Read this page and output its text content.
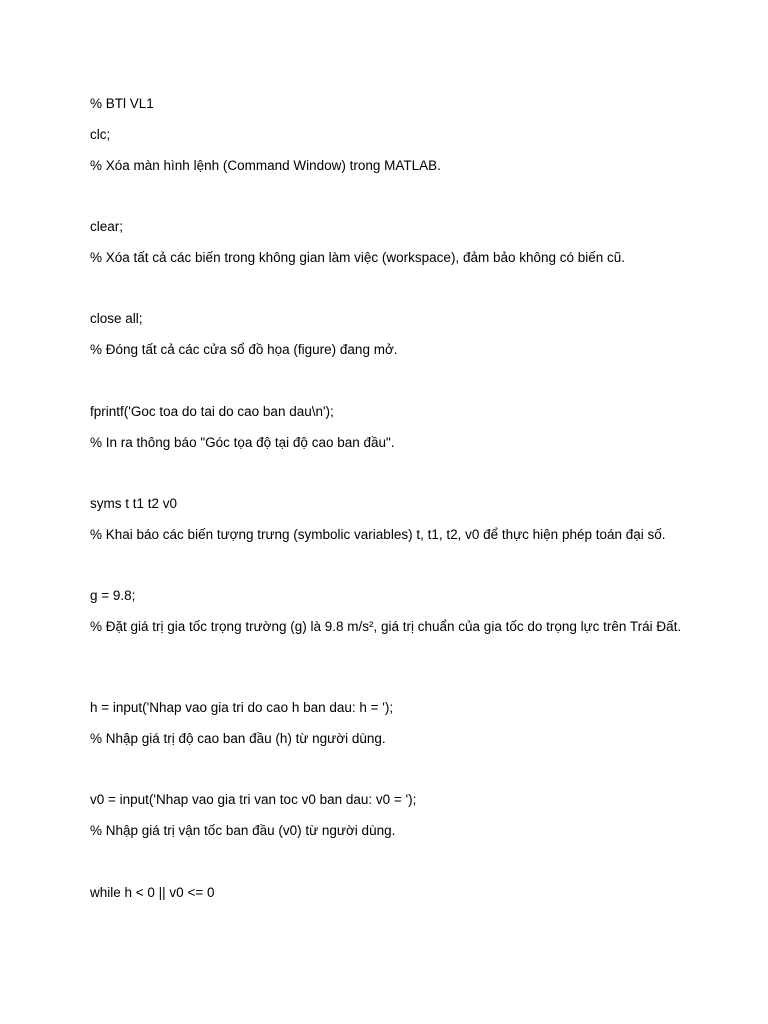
% BTl VL1

clc;

% Xóa màn hình lệnh (Command Window) trong MATLAB.

clear;

% Xóa tất cả các biến trong không gian làm việc (workspace), đảm bảo không có biến cũ.

close all;

% Đóng tất cả các cửa sổ đồ họa (figure) đang mở.

fprintf('Goc toa do tai do cao ban dau\n');

% In ra thông báo "Góc tọa độ tại độ cao ban đầu".

syms t t1 t2 v0

% Khai báo các biến tượng trưng (symbolic variables) t, t1, t2, v0 để thực hiện phép toán đại số.

g = 9.8;

% Đặt giá trị gia tốc trọng trường (g) là 9.8 m/s², giá trị chuẩn của gia tốc do trọng lực trên Trái Đất.

h = input('Nhap vao gia tri do cao h ban dau: h = ');

% Nhập giá trị độ cao ban đầu (h) từ người dùng.

v0 = input('Nhap vao gia tri van toc v0 ban dau: v0 = ');

% Nhập giá trị vận tốc ban đầu (v0) từ người dùng.

while h < 0 || v0 <= 0
